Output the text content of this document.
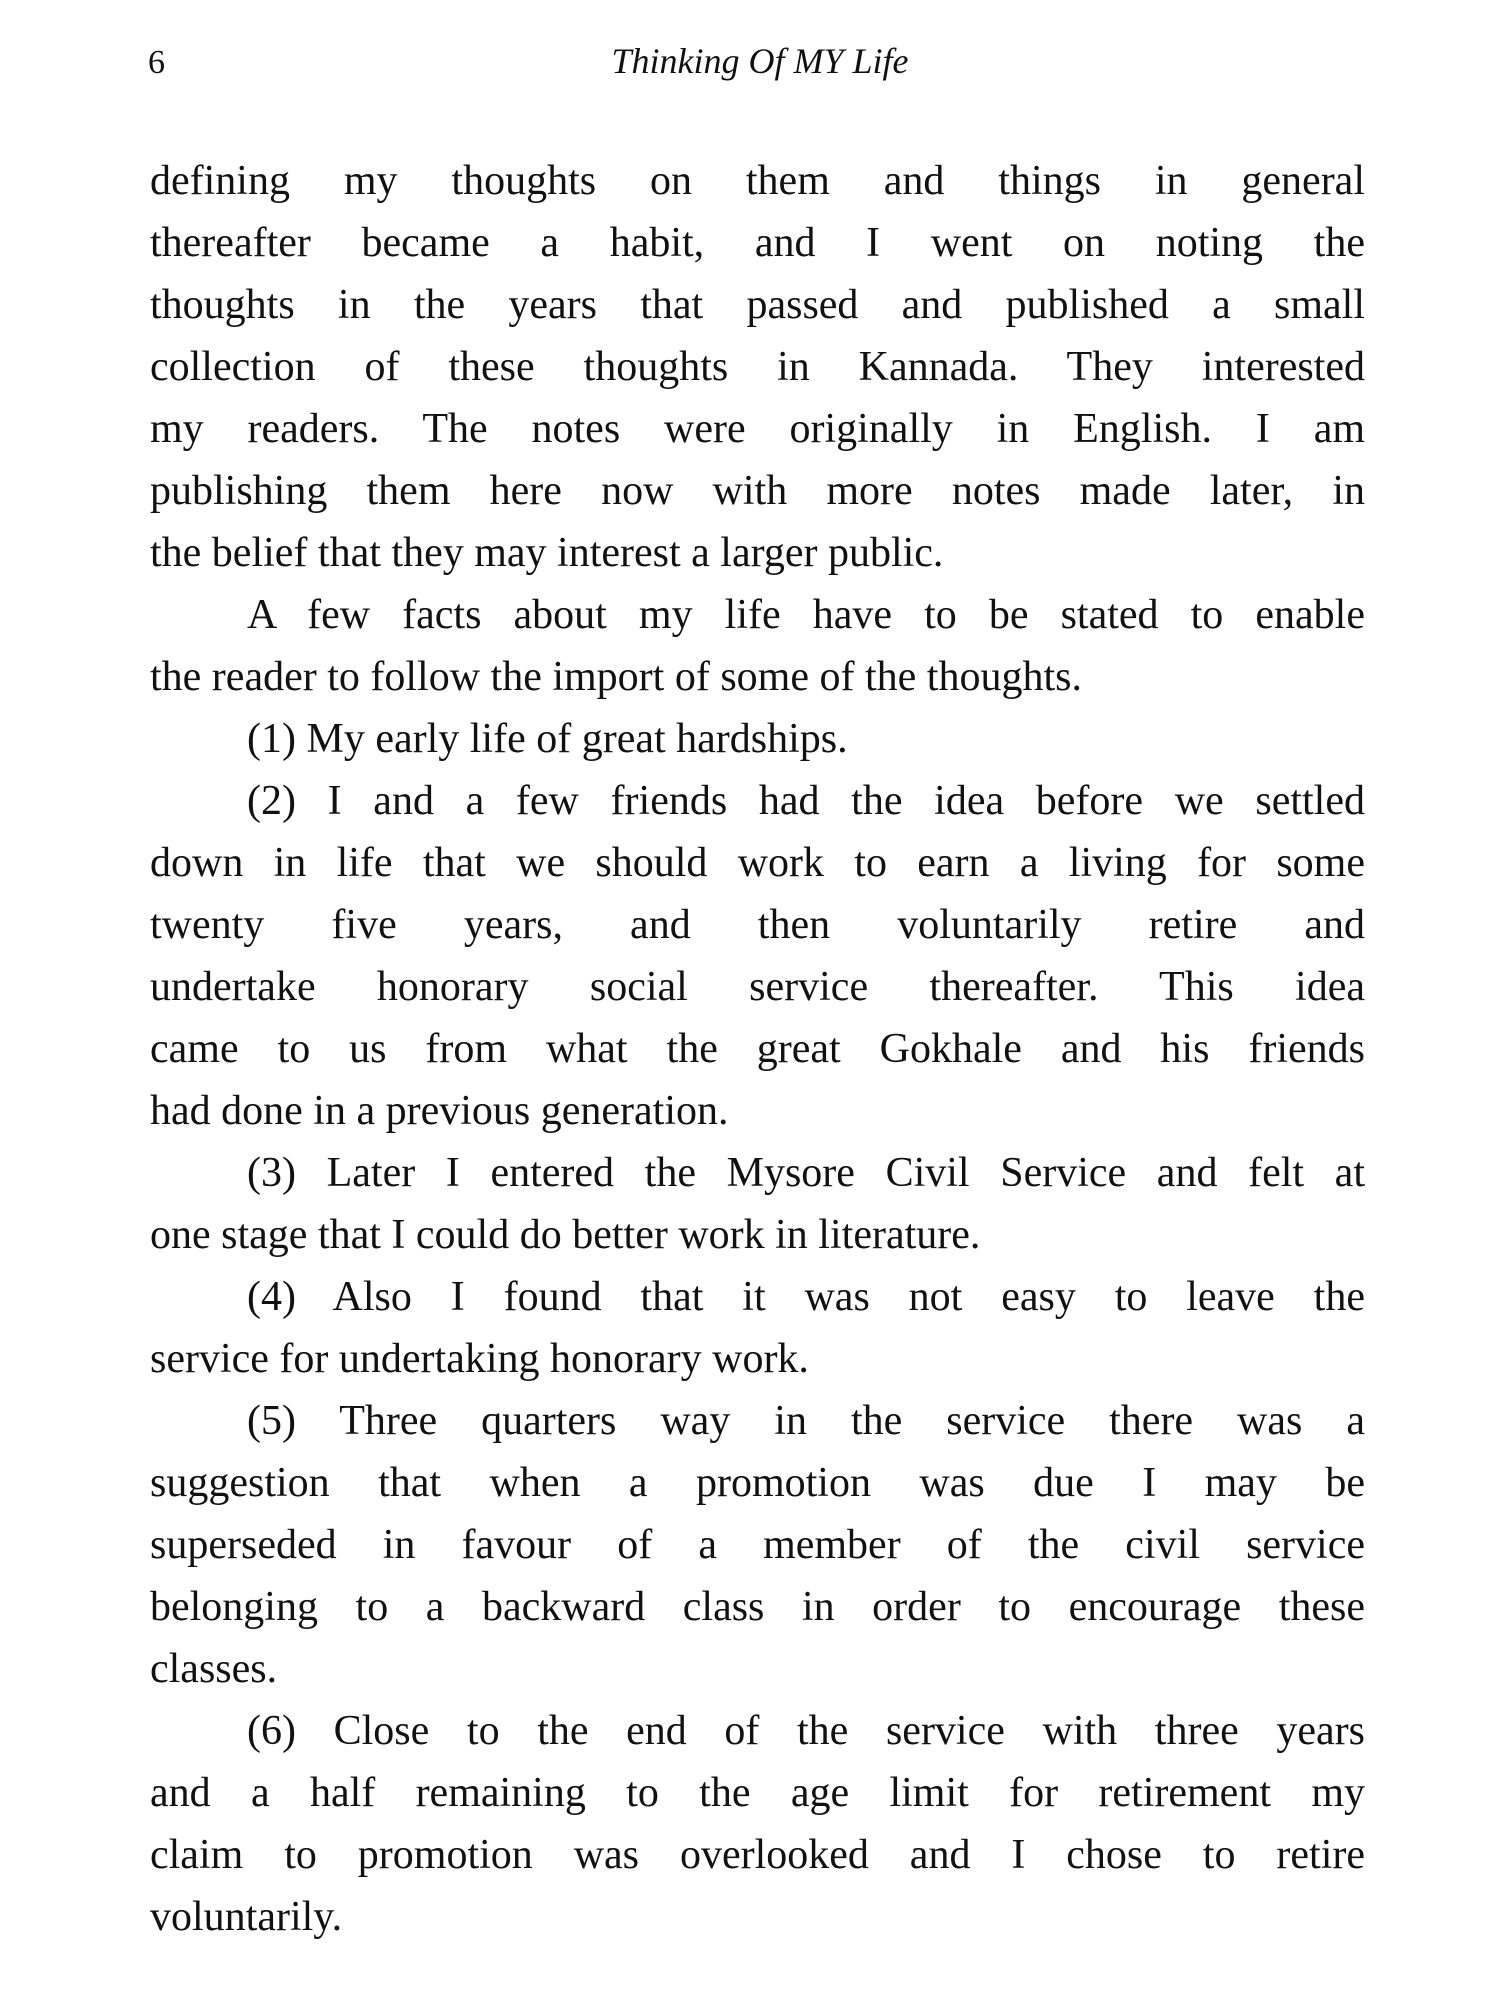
6	Thinking Of MY Life
defining my thoughts on them and things in general
thereafter became a habit, and I went on noting the
thoughts in the years that passed and published a small
collection of these thoughts in Kannada. They interested
my readers. The notes were originally in English. I am
publishing them here now with more notes made later, in
the belief that they may interest a larger public.
A few facts about my life have to be stated to enable
the reader to follow the import of some of the thoughts.
(1) My early life of great hardships.
(2) I and a few friends had the idea before we settled
down in life that we should work to earn a living for some
twenty five years, and then voluntarily retire and
undertake honorary social service thereafter. This idea
came to us from what the great Gokhale and his friends
had done in a previous generation.
(3) Later I entered the Mysore Civil Service and felt at
one stage that I could do better work in literature.
(4) Also I found that it was not easy to leave the
service for undertaking honorary work.
(5) Three quarters way in the service there was a
suggestion that when a promotion was due I may be
superseded in favour of a member of the civil service
belonging to a backward class in order to encourage these
classes.
(6) Close to the end of the service with three years
and a half remaining to the age limit for retirement my
claim to promotion was overlooked and I chose to retire
voluntarily.
